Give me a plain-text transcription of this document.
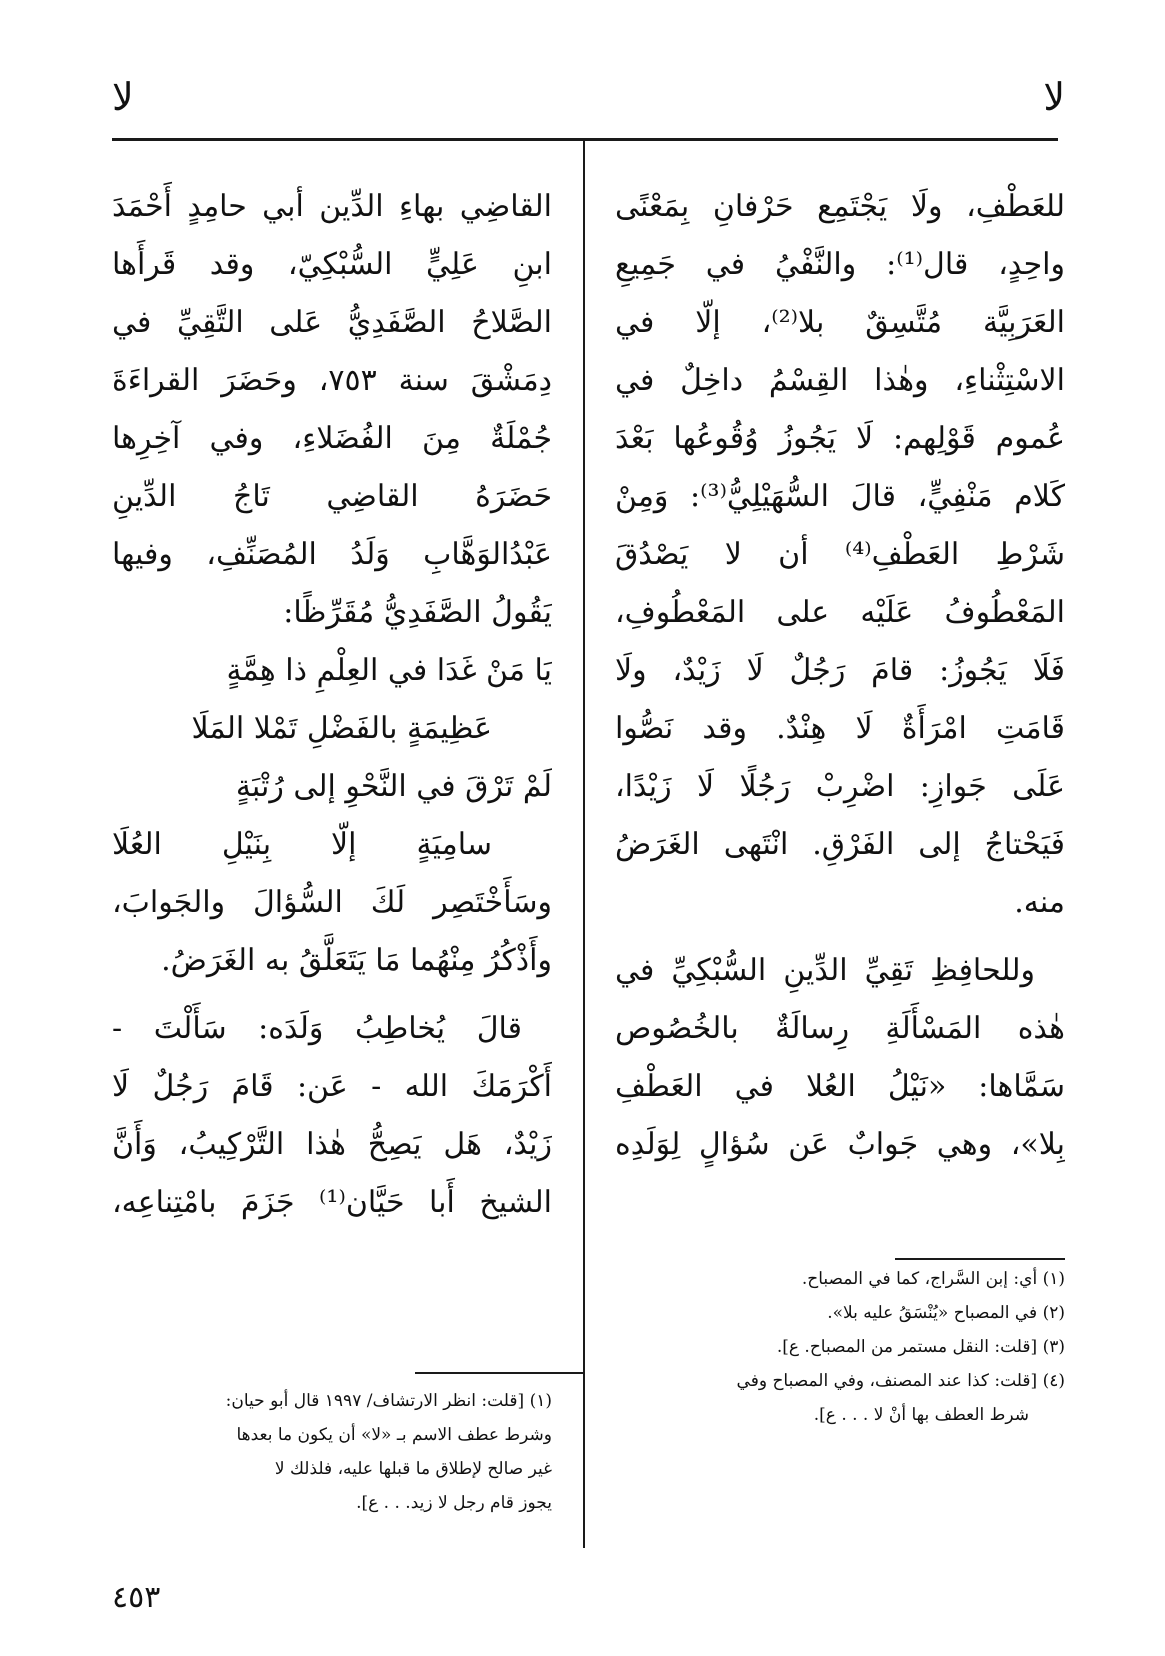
لا
لا
للعَطْفِ، ولَا يَجْتَمِع حَرْفانِ بِمَعْنًى
واحِدٍ، قال⁽¹⁾: والنَّفْيُ في جَمِيعِ
العَرَبِيَّة مُتَّسِقٌ بلا⁽²⁾، إلّا في
الاسْتِثْناءِ، وهٰذا القِسْمُ داخِلٌ في
عُموم قَوْلِهم: لَا يَجُوزُ وُقُوعُها بَعْدَ
كَلام مَنْفِيٍّ، قالَ السُّهَيْلِيُّ⁽³⁾: وَمِنْ
شَرْطِ العَطْفِ⁽⁴⁾ أن لا يَصْدُقَ
المَعْطُوفُ عَلَيْه على المَعْطُوفِ،
فَلَا يَجُوزُ: قامَ رَجُلٌ لَا زَيْدٌ، ولَا
قَامَتِ امْرَأَةٌ لَا هِنْدٌ. وقد نَصُّوا
عَلَى جَوازِ: اضْرِبْ رَجُلًا لَا زَيْدًا،
فَيَحْتاجُ إلى الفَرْقِ. انْتَهى الغَرَضُ
منه.
وللحافِظِ تَقِيِّ الدِّينِ السُّبْكِيِّ في
هٰذه المَسْأَلَةِ رِسالَةٌ بالخُصُوص
سَمَّاها: «نَيْلُ العُلا في العَطْفِ
بِلا»، وهي جَوابٌ عَن سُؤالٍ لِوَلَدِه
القاضِي بهاءِ الدِّين أبي حامِدٍ أَحْمَدَ
ابنِ عَلِيٍّ السُّبْكِيّ، وقد قَرأَها
الصَّلاحُ الصَّفَدِيُّ عَلى التَّقِيِّ في
دِمَشْقَ سنة ٧٥٣، وحَضَرَ القراءَةَ
جُمْلَةٌ مِنَ الفُضَلاءِ، وفي آخِرِها
حَضَرَهُ القاضِي تَاجُ الدِّينِ
عَبْدُالوَهَّابِ وَلَدُ المُصَنِّفِ، وفيها
يَقُولُ الصَّفَدِيُّ مُقَرِّظًا:
يَا مَنْ غَدَا في العِلْمِ ذا هِمَّةٍ
عَظِيمَةٍ بالفَضْلِ تَمْلا المَلَا
لَمْ تَرْقَ في النَّحْوِ إلى رُتْبَةٍ
سامِيَةٍ إلّا بِنَيْلِ العُلَا
وسَأَخْتَصِر لَكَ السُّؤالَ والجَوابَ،
وأَذْكُرُ مِنْهُما مَا يَتَعَلَّقُ به الغَرَضُ.
قالَ يُخاطِبُ وَلَدَه: سَأَلْتَ -
أَكْرَمَكَ الله - عَن: قَامَ رَجُلٌ لَا
زَيْدٌ، هَل يَصِحُّ هٰذا التَّرْكِيبُ، وَأَنَّ
الشيخ أَبا حَيَّان⁽¹⁾ جَزَمَ بامْتِناعِه،
(١) أي: إبن السَّراج، كما في المصباح.
(٢) في المصباح «يُنْسَقُ عليه بلا».
(٣) [قلت: النقل مستمر من المصباح. ع].
(٤) [قلت: كذا عند المصنف، وفي المصباح وفي
شرط العطف بها أنْ لا . . . ع].
(١) [قلت: انظر الارتشاف/ ١٩٩٧ قال أبو حيان:
وشرط عطف الاسم بـ «لا» أن يكون ما بعدها
غير صالح لإطلاق ما قبلها عليه، فلذلك لا
يجوز قام رجل لا زيد. . . ع].
٤٥٣
